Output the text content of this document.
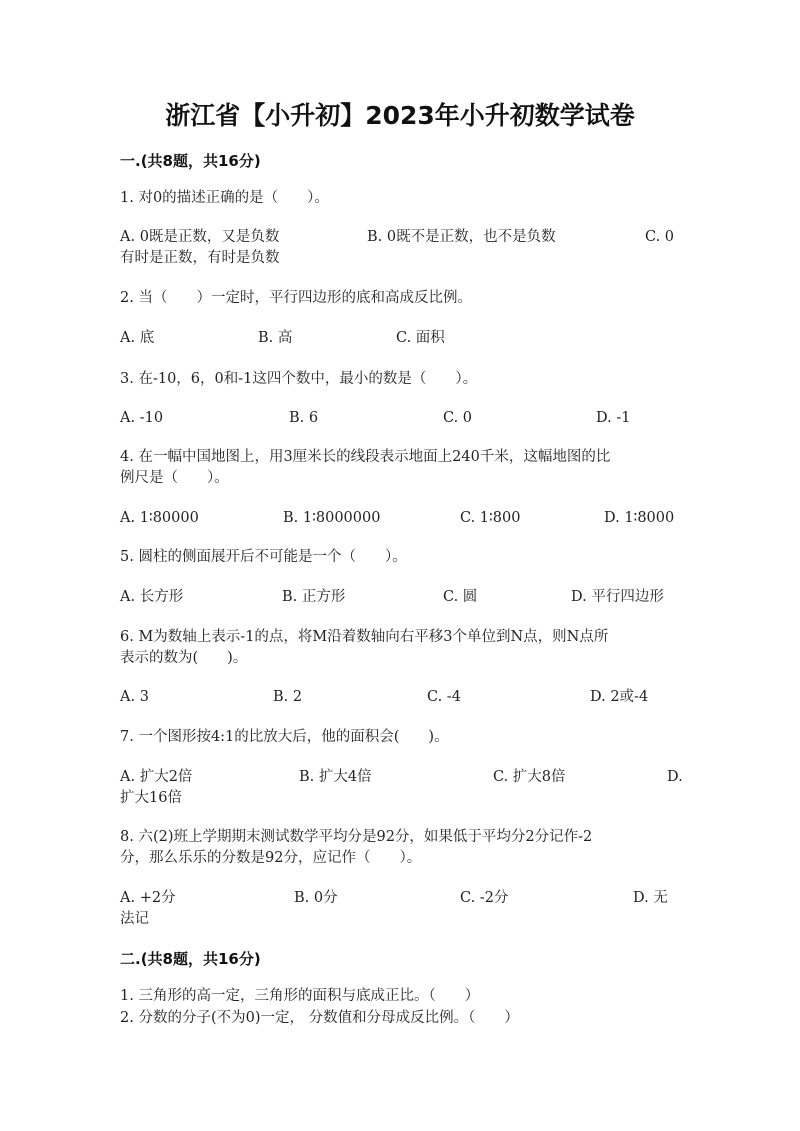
浙江省【小升初】2023年小升初数学试卷
一.(共8题，共16分)
1. 对0的描述正确的是（　　）。
A. 0既是正数，又是负数	B. 0既不是正数，也不是负数	C. 0
有时是正数，有时是负数
2. 当（　　）一定时，平行四边形的底和高成反比例。
A. 底	B. 高	C. 面积
3. 在-10，6，0和-1这四个数中，最小的数是（　　）。
A. -10	B. 6	C. 0	D. -1
4. 在一幅中国地图上，用3厘米长的线段表示地面上240千米，这幅地图的比
例尺是（　　）。
A. 1∶80000	B. 1∶8000000	C. 1∶800	D. 1∶8000
5. 圆柱的侧面展开后不可能是一个（　　）。
A. 长方形	B. 正方形	C. 圆	D. 平行四边形
6. M为数轴上表示-1的点，将M沿着数轴向右平移3个单位到N点，则N点所
表示的数为(　　)。
A. 3	B. 2	C. -4	D. 2或-4
7. 一个图形按4:1的比放大后，他的面积会(　　)。
A. 扩大2倍	B. 扩大4倍	C. 扩大8倍	D.
扩大16倍
8. 六(2)班上学期期末测试数学平均分是92分，如果低于平均分2分记作-2
分，那么乐乐的分数是92分，应记作（　　）。
A. +2分	B. 0分	C. -2分	D. 无
法记
二.(共8题，共16分)
1. 三角形的高一定，三角形的面积与底成正比。（　　）
2. 分数的分子(不为0)一定， 分数值和分母成反比例。（　　）
